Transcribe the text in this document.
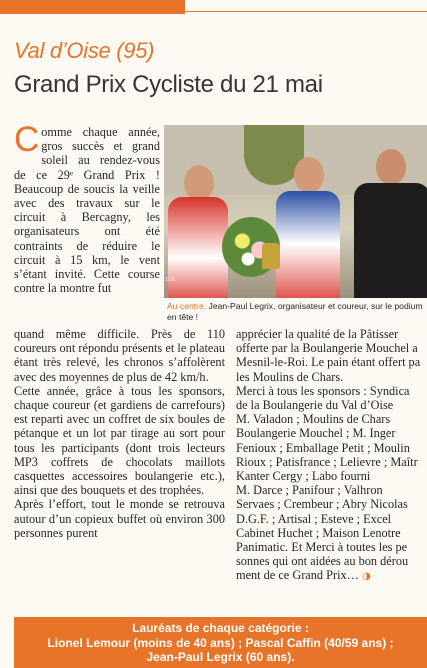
Val d’Oise (95)
Grand Prix Cycliste du 21 mai
D.R.
Au centre, Jean-Paul Legrix, organisateur et coureur, sur le podium en tête !

Comme chaque année, gros succès et grand soleil au rendez-vous de ce 29ᵉ Grand Prix ! Beaucoup de soucis la veille avec des travaux sur le circuit à Bercagny, les organisateurs ont été contraints de réduire le circuit à 15 km, le vent s’étant invité. Cette course contre la montre fut

quand même difficile. Près de 110 coureurs ont répondu présents et le plateau étant très relevé, les chronos s’affolèrent avec des moyennes de plus de 42 km/h.

Cette année, grâce à tous les sponsors, chaque coureur (et gardiens de carrefours) est reparti avec un coffret de six boules de pétanque et un lot par tirage au sort pour tous les participants (dont trois lecteurs MP3 coffrets de chocolats maillots casquettes accessoires boulangerie etc.), ainsi que des bouquets et des trophées.

Après l’effort, tout le monde se retrouva autour d’un copieux buffet où environ 300 personnes purent

apprécier la qualité de la Pâtisser
offerte par la Boulangerie Mouchel a
Mesnil-le-Roi. Le pain étant offert pa
les Moulins de Chars.
Merci à tous les sponsors : Syndica
de la Boulangerie du Val d’Oise
M. Valadon ; Moulins de Chars
Boulangerie Mouchel ; M. Inger
Fenioux ; Emballage Petit ; Moulin
Rioux ; Patisfrance ; Lelievre ; Maîtr
Kanter Cergy ; Labo fourni
M. Darce ; Panifour ; Valhron
Servaes ; Crembeur ; Abry Nicolas
D.G.F. ; Artisal ; Esteve ; Excel
Cabinet Huchet ; Maison Lenotre
Panimatic. Et Merci à toutes les pe
sonnes qui ont aidées au bon dérou
ment de ce Grand Prix… ◑
Lauréats de chaque catégorie :
Lionel Lemour (moins de 40 ans) ; Pascal Caffin (40/59 ans) ;
Jean-Paul Legrix (60 ans).
